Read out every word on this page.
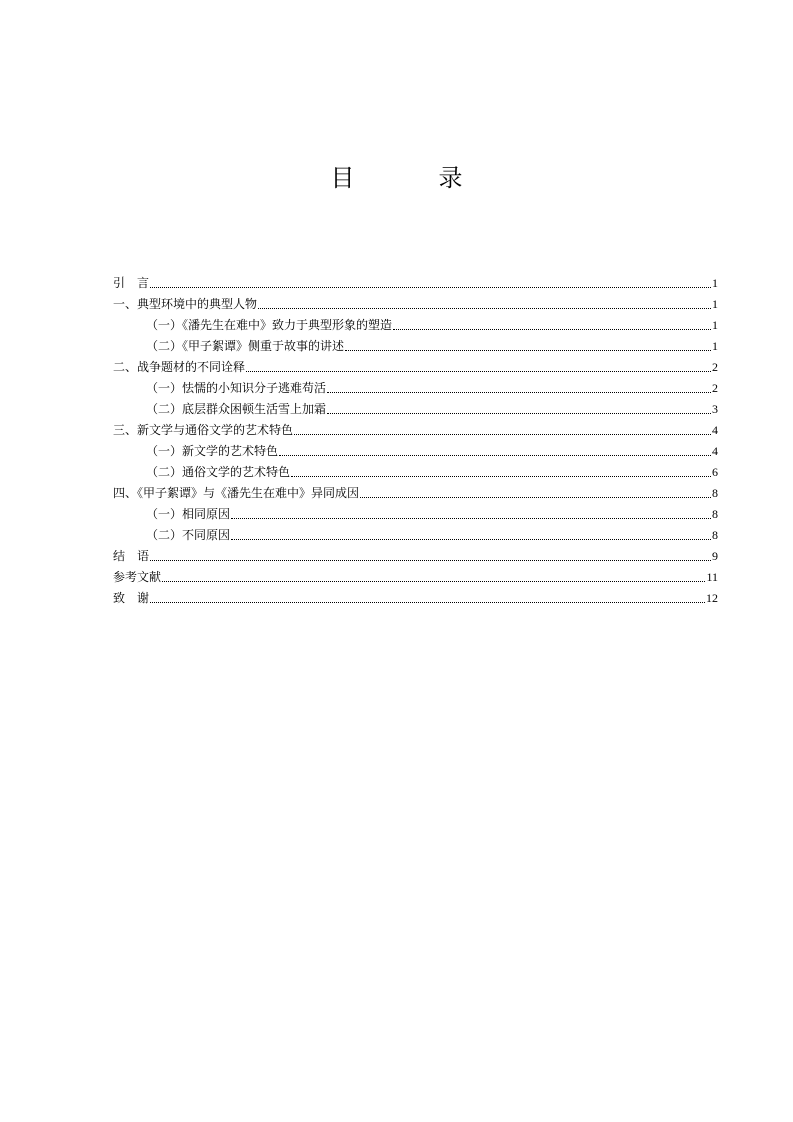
目　录
引　言	1
一、典型环境中的典型人物	1
（一）《潘先生在难中》致力于典型形象的塑造	1
（二）《甲子絮谭》侧重于故事的讲述	1
二、战争题材的不同诠释	2
（一）怯懦的小知识分子逃难苟活	2
（二）底层群众困顿生活雪上加霜	3
三、新文学与通俗文学的艺术特色	4
（一）新文学的艺术特色	4
（二）通俗文学的艺术特色	6
四、《甲子絮谭》与《潘先生在难中》异同成因	8
（一）相同原因	8
（二）不同原因	8
结　语	9
参考文献	11
致　谢	12
